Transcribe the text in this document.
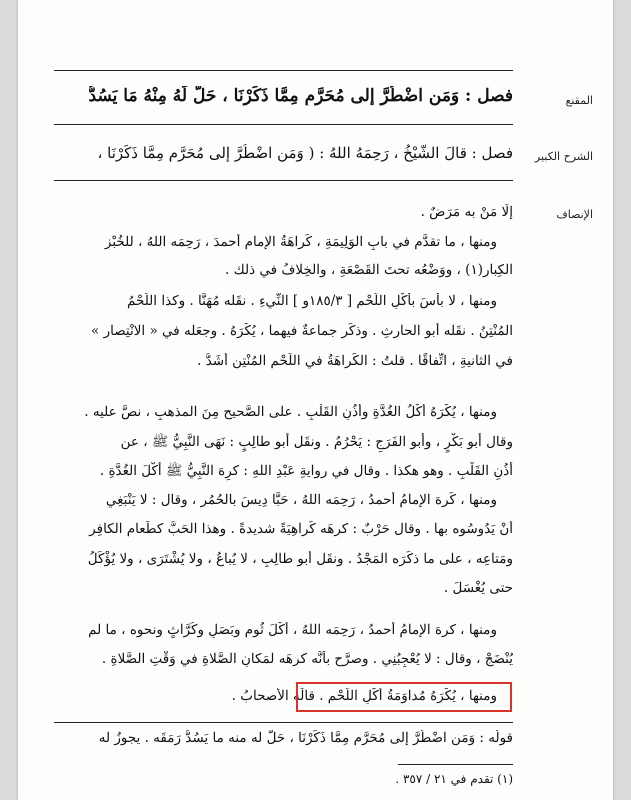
المقنع
فصل : وَمَن اضْطُرَّ إلى مُحَرَّمٍ مِمَّا ذَكَرْنَا ، حَلَّ لَهُ مِنْهُ مَا يَسُدُّ
الشرح الكبير
فصل : قالَ الشَّيْخُ ، رَحِمَهُ اللهُ : ( وَمَن اضْطُرَّ إلى مُحَرَّمٍ مِمَّا ذَكَرْنَا ،
الإنصاف
إلَّا مَنْ به مَرَضٌ .
ومنها ، ما تقدَّم في بابِ الوَلِيمَةِ ، كَراهَةُ الإمامِ أحمدَ ، رَحِمَه اللهُ ، للخُبْزِ
الكِبارِ(١) ، ووَضْعُه تحتَ القَصْعَةِ ، والخِلافُ في ذلك .
ومنها ، لا بأْسَ بأكْلِ اللَّحْمِ [ ١٨٥/٣و ] النِّيءِ . نقَله مُهَنَّا . وكذا اللَّحْمُ
المُنْتِنُ . نقَله أبو الحارثِ . وذكَر جماعةٌ فيهما ، يُكْرَهُ . وجعَله في « الانْتِصارِ »
في الثانيةِ ، اتِّفاقًا . قلتُ : الكَراهَةُ في اللَّحْمِ المُنْتِنِ أشَدُّ .
ومنها ، يُكْرَهُ أكْلُ الغُدَّةِ وأُذُنِ القَلْبِ . على الصَّحيحِ مِنَ المذهبِ ، نصَّ عليه .
وقال أبو بَكْرٍ ، وأبو الفَرَجِ : يَحْرُمُ . ونقَل أبو طالِبٍ : نَهَى النَّبِيُّ ﷺ ، عن
أُذُنِ القَلْبِ . وهو هكذا . وقال في روايةِ عَبْدِ اللهِ : كرِهَ النَّبِيُّ ﷺ أكْلَ الغُدَّةِ .
ومنها ، كَرِهَ الإمامُ أحمدُ ، رَحِمَه اللهُ ، حَبًّا دِيسَ بالحُمُرِ ، وقال : لا يَنْبَغِي
أنْ يَدُوسُوه بها . وقال حَرْبٌ : كرِهَه كَراهِيَةً شديدةً . وهذا الحَبُّ كطَعامِ الكافِرِ
ومَتاعِه ، على ما ذكَرَه المَجْدُ . ونقَل أبو طالِبٍ ، لا يُباعُ ، ولا يُشْتَرَى ، ولا يُؤْكَلُ
حتى يُغْسَلَ .
ومنها ، كرِهَ الإمامُ أحمدُ ، رَحِمَه اللهُ ، أكْلَ ثُومٍ وبَصَلٍ وكُرَّاثٍ ونحوِه ، ما لم
يُنْضَجْ ، وقال : لا يُعْجِبُنِي . وصرَّح بأنَّه كرِهَه لمَكانِ الصَّلاةِ في وَقْتِ الصَّلاةِ .
ومنها ، يُكْرَهُ مُداوَمَةُ أكْلِ اللَّحْمِ . قالَه الأصحابُ .
قولُه : وَمَن اضْطُرَّ إلى مُحَرَّمٍ مِمَّا ذَكَرْنَا ، حَلَّ له منه ما يَسُدُّ رَمَقَه . يجوزُ له
(١) تقدم في ٢١ / ٣٥٧ .
